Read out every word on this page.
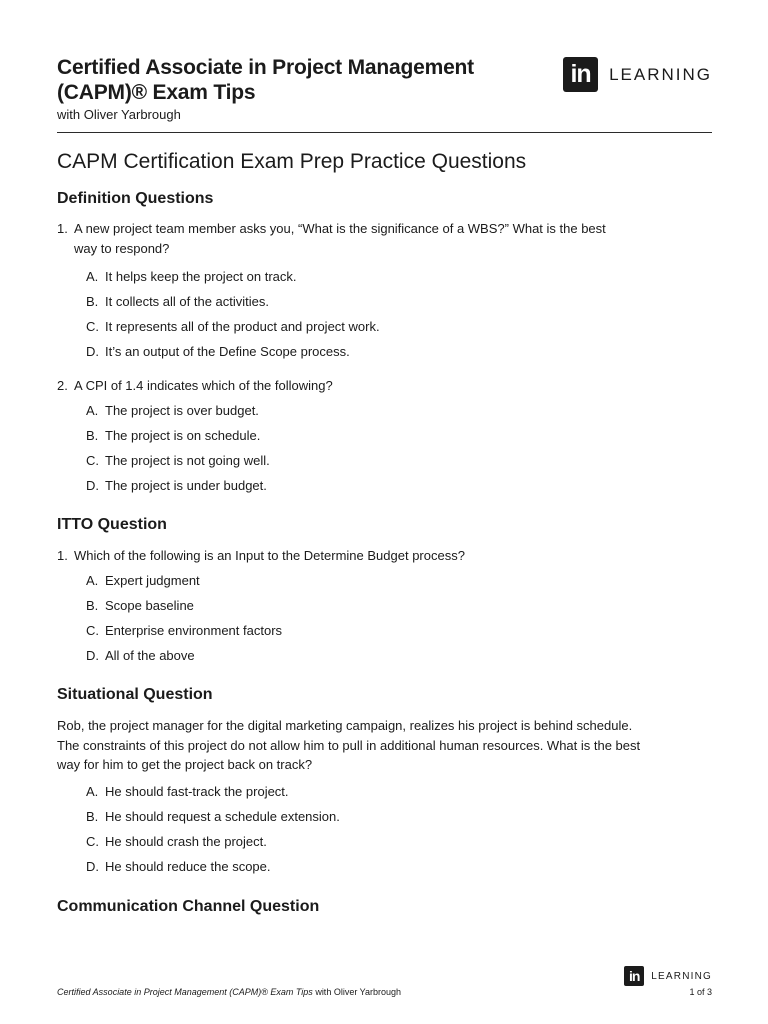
Certified Associate in Project Management
(CAPM)® Exam Tips
with Oliver Yarbrough
in	LEARNING
CAPM Certification Exam Prep Practice Questions
Definition Questions
1. A new project team member asks you, “What is the significance of a WBS?” What is the best way to respond?
A. It helps keep the project on track.
B. It collects all of the activities.
C. It represents all of the product and project work.
D. It’s an output of the Define Scope process.
2. A CPI of 1.4 indicates which of the following?
A. The project is over budget.
B. The project is on schedule.
C. The project is not going well.
D. The project is under budget.
ITTO Question
1. Which of the following is an Input to the Determine Budget process?
A. Expert judgment
B. Scope baseline
C. Enterprise environment factors
D. All of the above
Situational Question
Rob, the project manager for the digital marketing campaign, realizes his project is behind schedule. The constraints of this project do not allow him to pull in additional human resources. What is the best way for him to get the project back on track?
A. He should fast-track the project.
B. He should request a schedule extension.
C. He should crash the project.
D. He should reduce the scope.
Communication Channel Question
in	LEARNING
Certified Associate in Project Management (CAPM)® Exam Tips with Oliver Yarbrough	1 of 3
